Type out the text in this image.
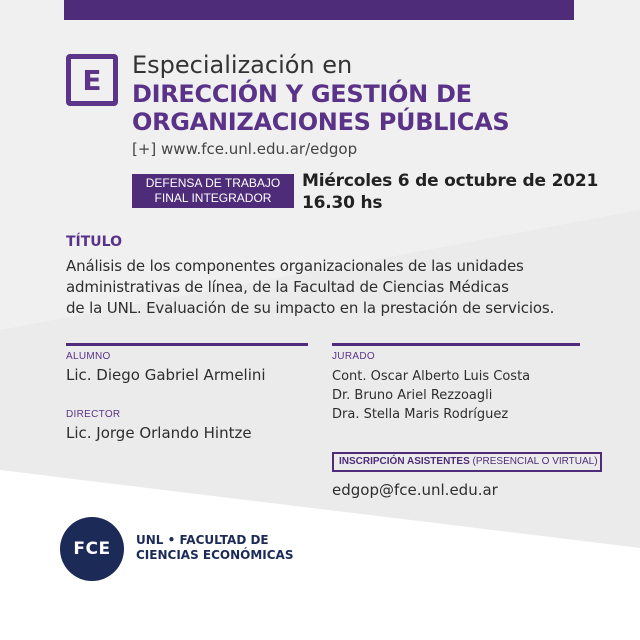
E Especialización en
DIRECCIÓN Y GESTIÓN DE
ORGANIZACIONES PÚBLICAS
[+] www.fce.unl.edu.ar/edgop
DEFENSA DE TRABAJO
FINAL INTEGRADOR
Miércoles 6 de octubre de 2021
16.30 hs
TÍTULO
Análisis de los componentes organizacionales de las unidades
administrativas de línea, de la Facultad de Ciencias Médicas
de la UNL. Evaluación de su impacto en la prestación de servicios.
ALUMNO
Lic. Diego Gabriel Armelini
DIRECTOR
Lic. Jorge Orlando Hintze
JURADO
Cont. Oscar Alberto Luis Costa
Dr. Bruno Ariel Rezzoagli
Dra. Stella Maris Rodríguez
INSCRIPCIÓN ASISTENTES (PRESENCIAL O VIRTUAL)
edgop@fce.unl.edu.ar
FCE UNL • FACULTAD DE
CIENCIAS ECONÓMICAS
